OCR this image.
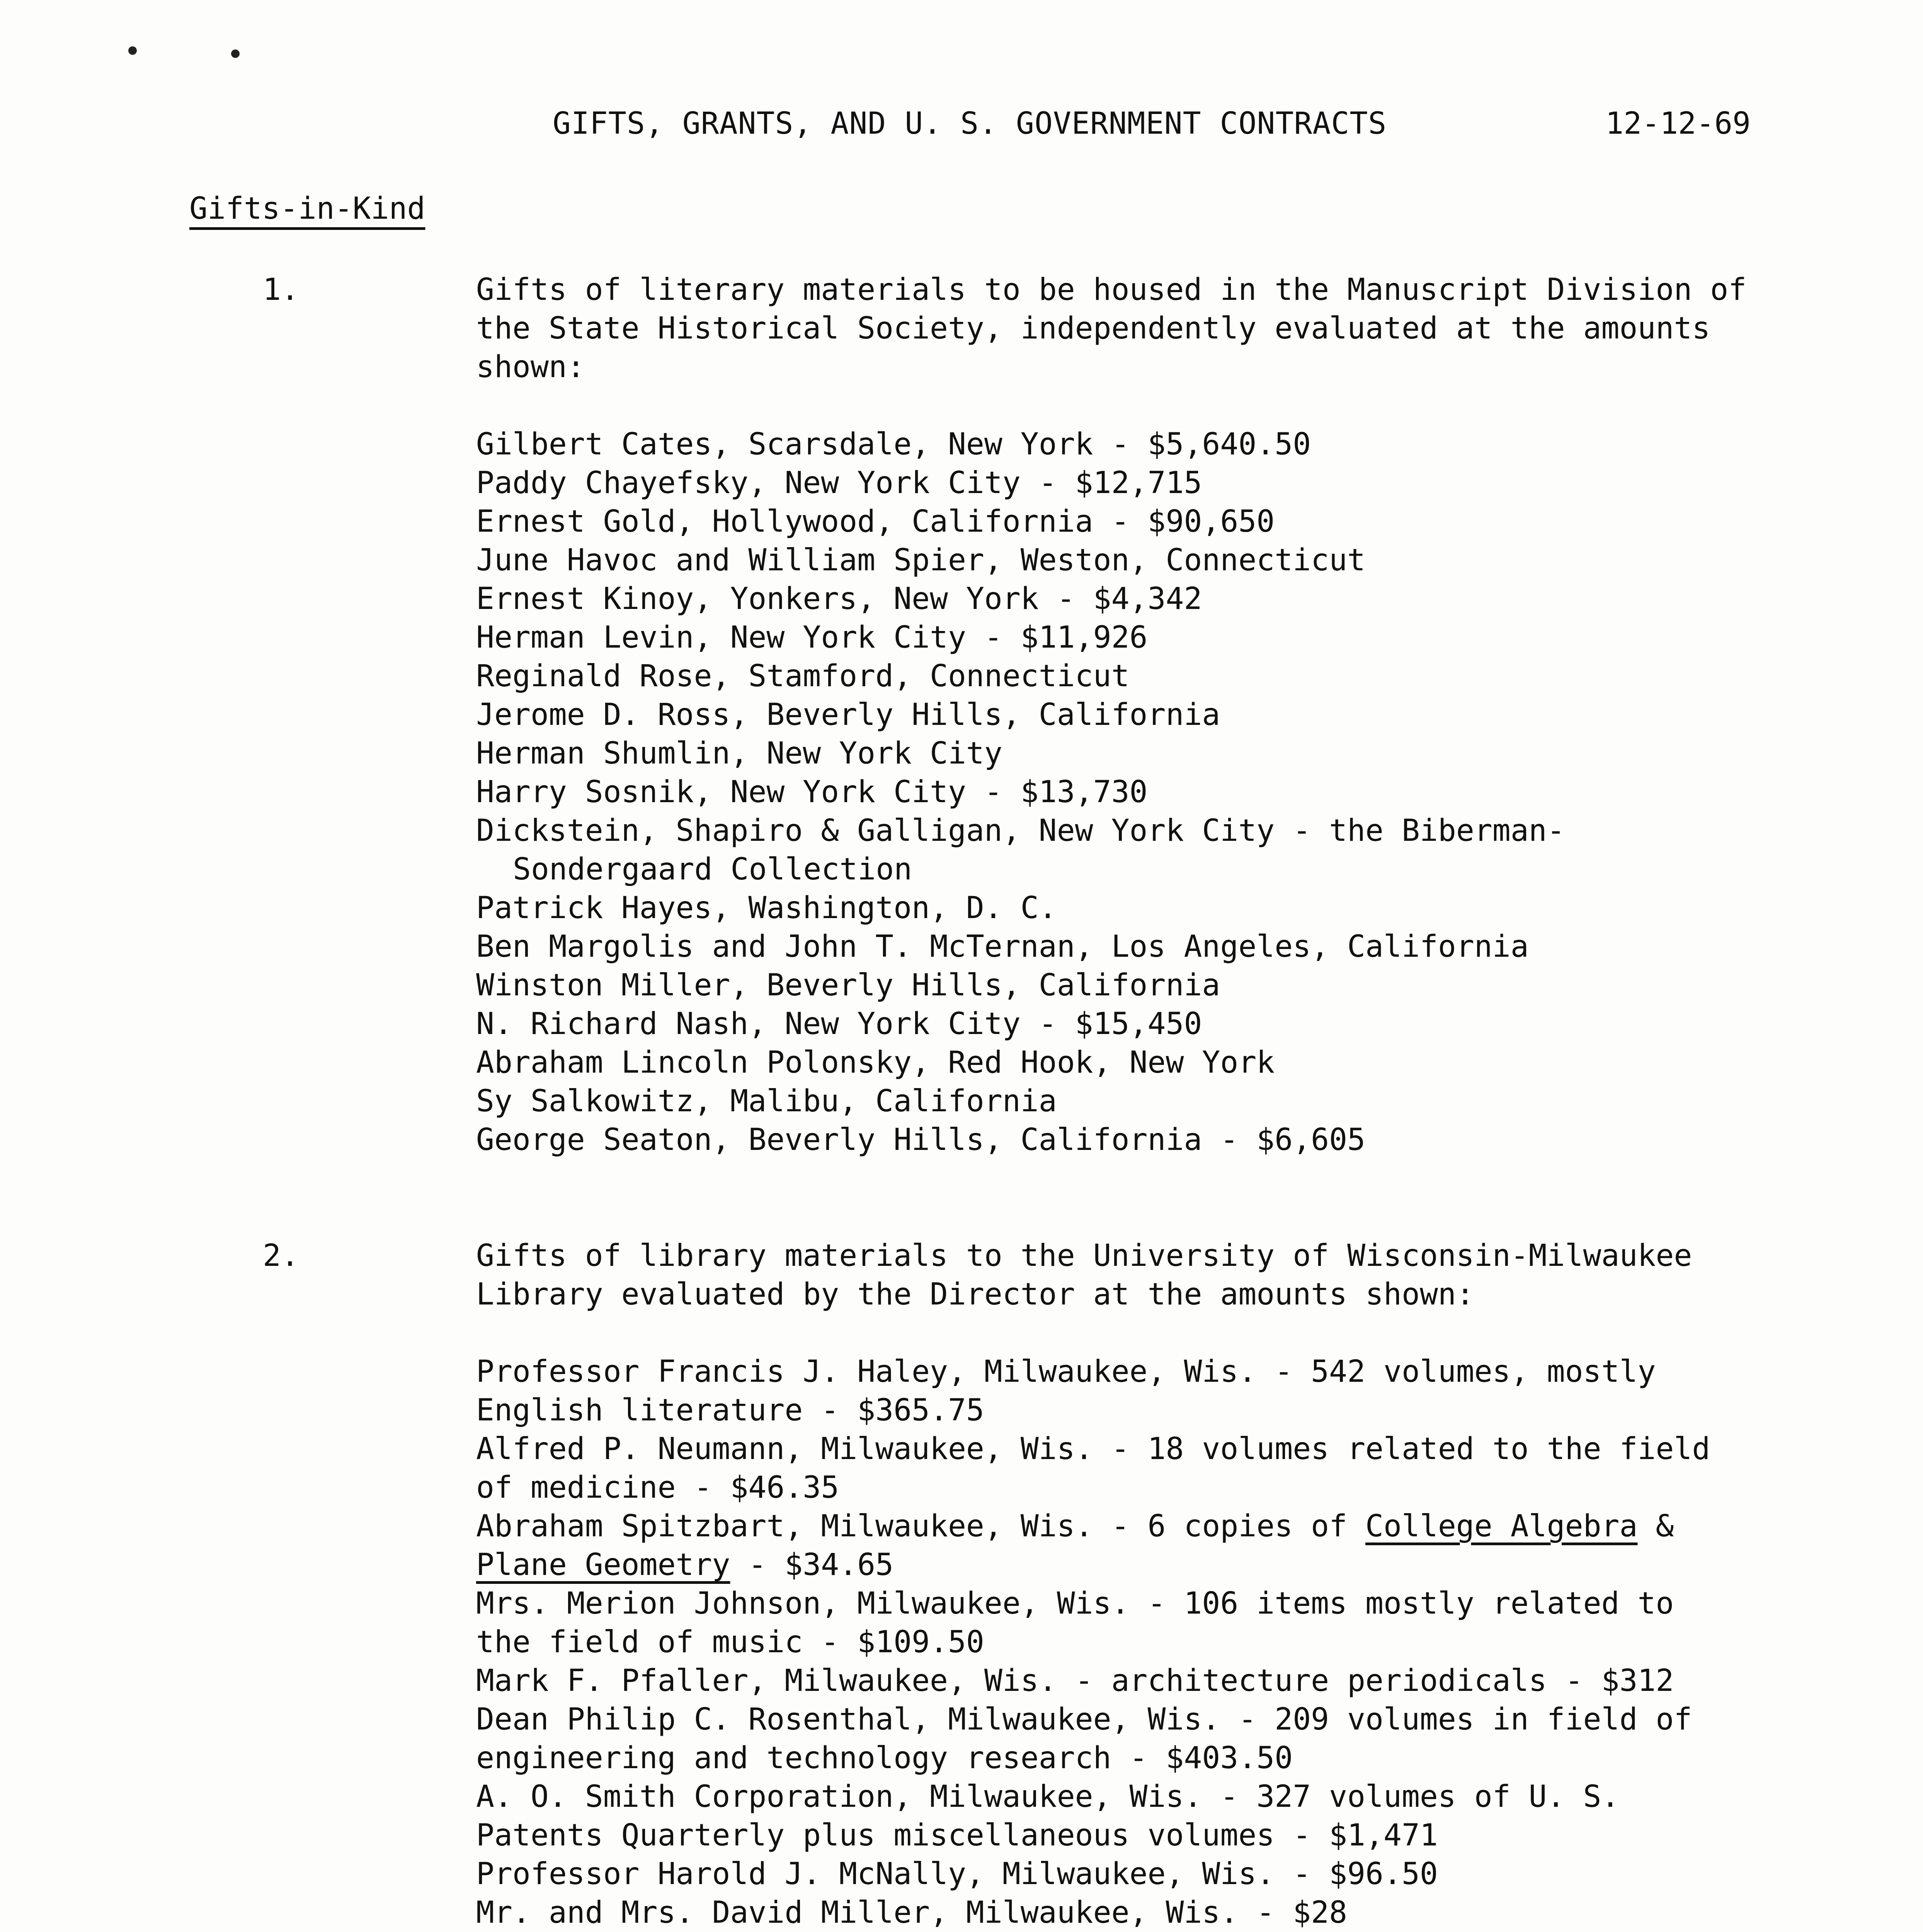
GIFTS, GRANTS, AND U. S. GOVERNMENT CONTRACTS	12-12-69
Gifts-in-Kind
1.	Gifts of literary materials to be housed in the Manuscript Division of the State Historical Society, independently evaluated at the amounts shown:

Gilbert Cates, Scarsdale, New York - $5,640.50
Paddy Chayefsky, New York City - $12,715
Ernest Gold, Hollywood, California - $90,650
June Havoc and William Spier, Weston, Connecticut
Ernest Kinoy, Yonkers, New York - $4,342
Herman Levin, New York City - $11,926
Reginald Rose, Stamford, Connecticut
Jerome D. Ross, Beverly Hills, California
Herman Shumlin, New York City
Harry Sosnik, New York City - $13,730
Dickstein, Shapiro & Galligan, New York City - the Biberman-
Sondergaard Collection
Patrick Hayes, Washington, D. C.
Ben Margolis and John T. McTernan, Los Angeles, California
Winston Miller, Beverly Hills, California
N. Richard Nash, New York City - $15,450
Abraham Lincoln Polonsky, Red Hook, New York
Sy Salkowitz, Malibu, California
George Seaton, Beverly Hills, California - $6,605
2.	Gifts of library materials to the University of Wisconsin-Milwaukee Library evaluated by the Director at the amounts shown:

Professor Francis J. Haley, Milwaukee, Wis. - 542 volumes, mostly
English literature - $365.75
Alfred P. Neumann, Milwaukee, Wis. - 18 volumes related to the field
of medicine - $46.35
Abraham Spitzbart, Milwaukee, Wis. - 6 copies of College Algebra &
Plane Geometry - $34.65
Mrs. Merion Johnson, Milwaukee, Wis. - 106 items mostly related to
the field of music - $109.50
Mark F. Pfaller, Milwaukee, Wis. - architecture periodicals - $312
Dean Philip C. Rosenthal, Milwaukee, Wis. - 209 volumes in field of
engineering and technology research - $403.50
A. O. Smith Corporation, Milwaukee, Wis. - 327 volumes of U. S.
Patents Quarterly plus miscellaneous volumes - $1,471
Professor Harold J. McNally, Milwaukee, Wis. - $96.50
Mr. and Mrs. David Miller, Milwaukee, Wis. - $28
